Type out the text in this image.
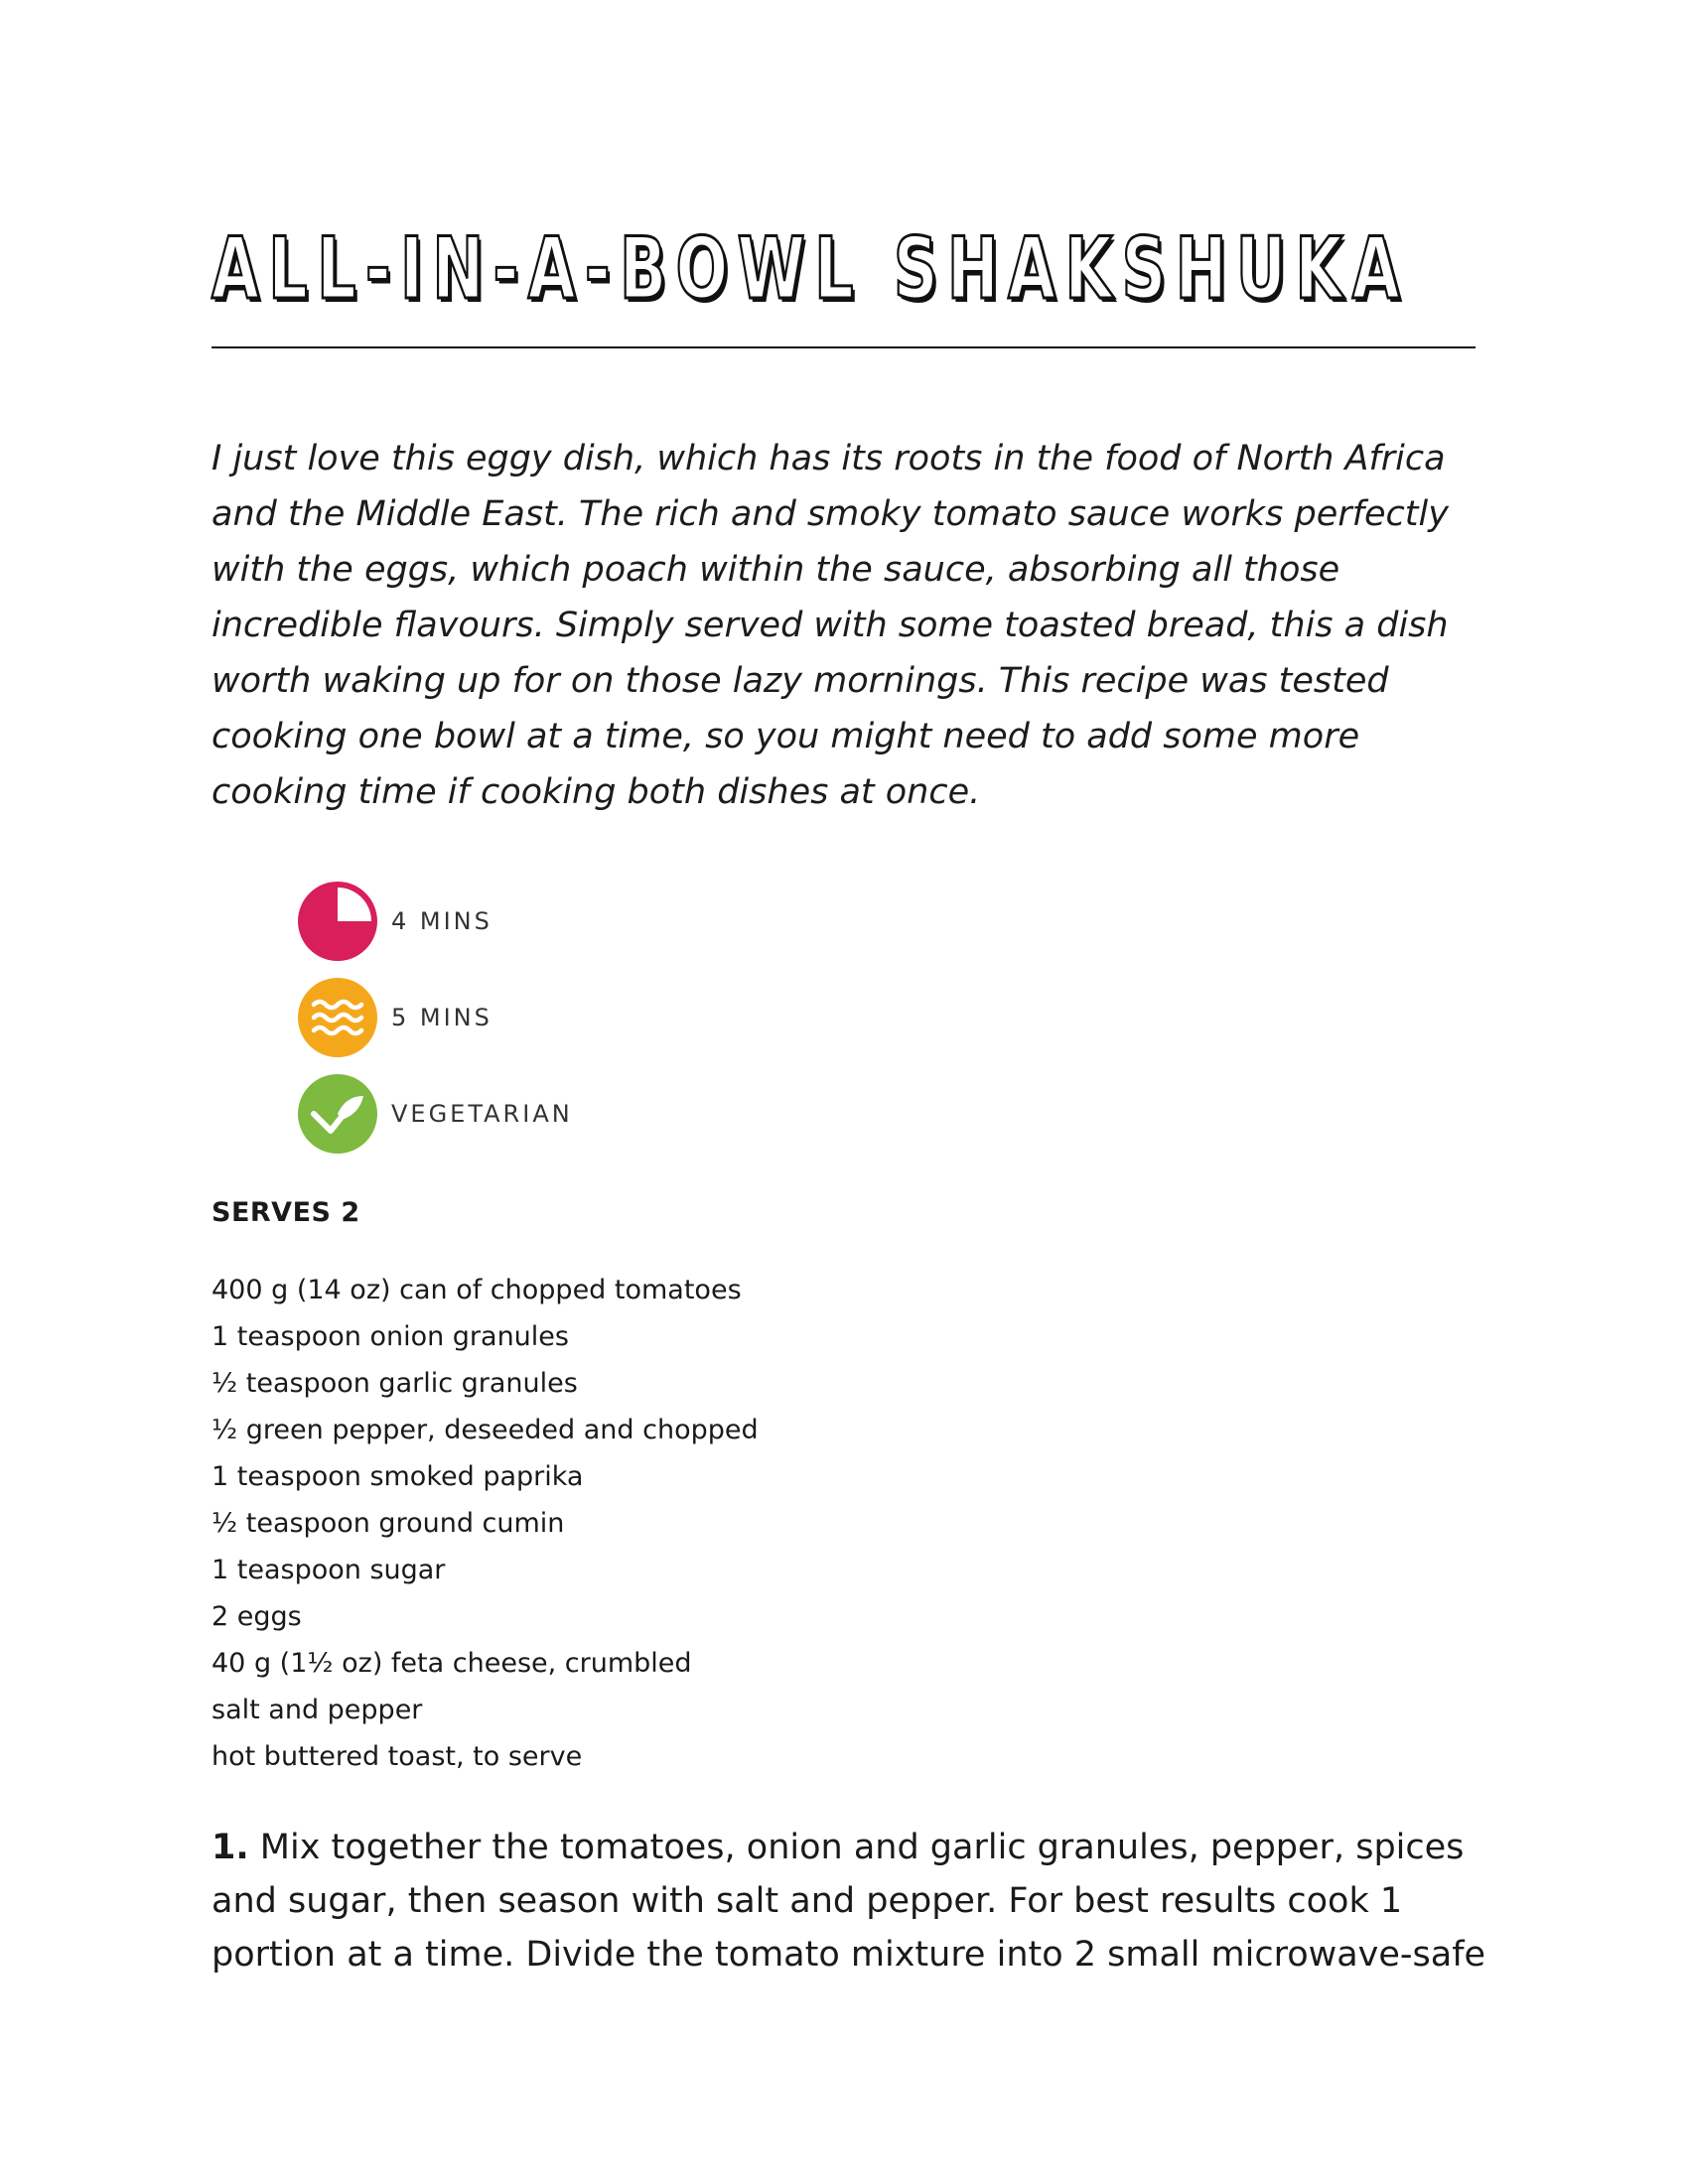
ALL-IN-A-BOWL SHAKSHUKA

I just love this eggy dish, which has its roots in the food of North Africa and the Middle East. The rich and smoky tomato sauce works perfectly with the eggs, which poach within the sauce, absorbing all those incredible flavours. Simply served with some toasted bread, this a dish worth waking up for on those lazy mornings. This recipe was tested cooking one bowl at a time, so you might need to add some more cooking time if cooking both dishes at once.

4 MINS
5 MINS
VEGETARIAN
SERVES 2
400 g (14 oz) can of chopped tomatoes
1 teaspoon onion granules
½ teaspoon garlic granules
½ green pepper, deseeded and chopped
1 teaspoon smoked paprika
½ teaspoon ground cumin
1 teaspoon sugar
2 eggs
40 g (1½ oz) feta cheese, crumbled
salt and pepper
hot buttered toast, to serve

1. Mix together the tomatoes, onion and garlic granules, pepper, spices and sugar, then season with salt and pepper. For best results cook 1 portion at a time. Divide the tomato mixture into 2 small microwave-safe
